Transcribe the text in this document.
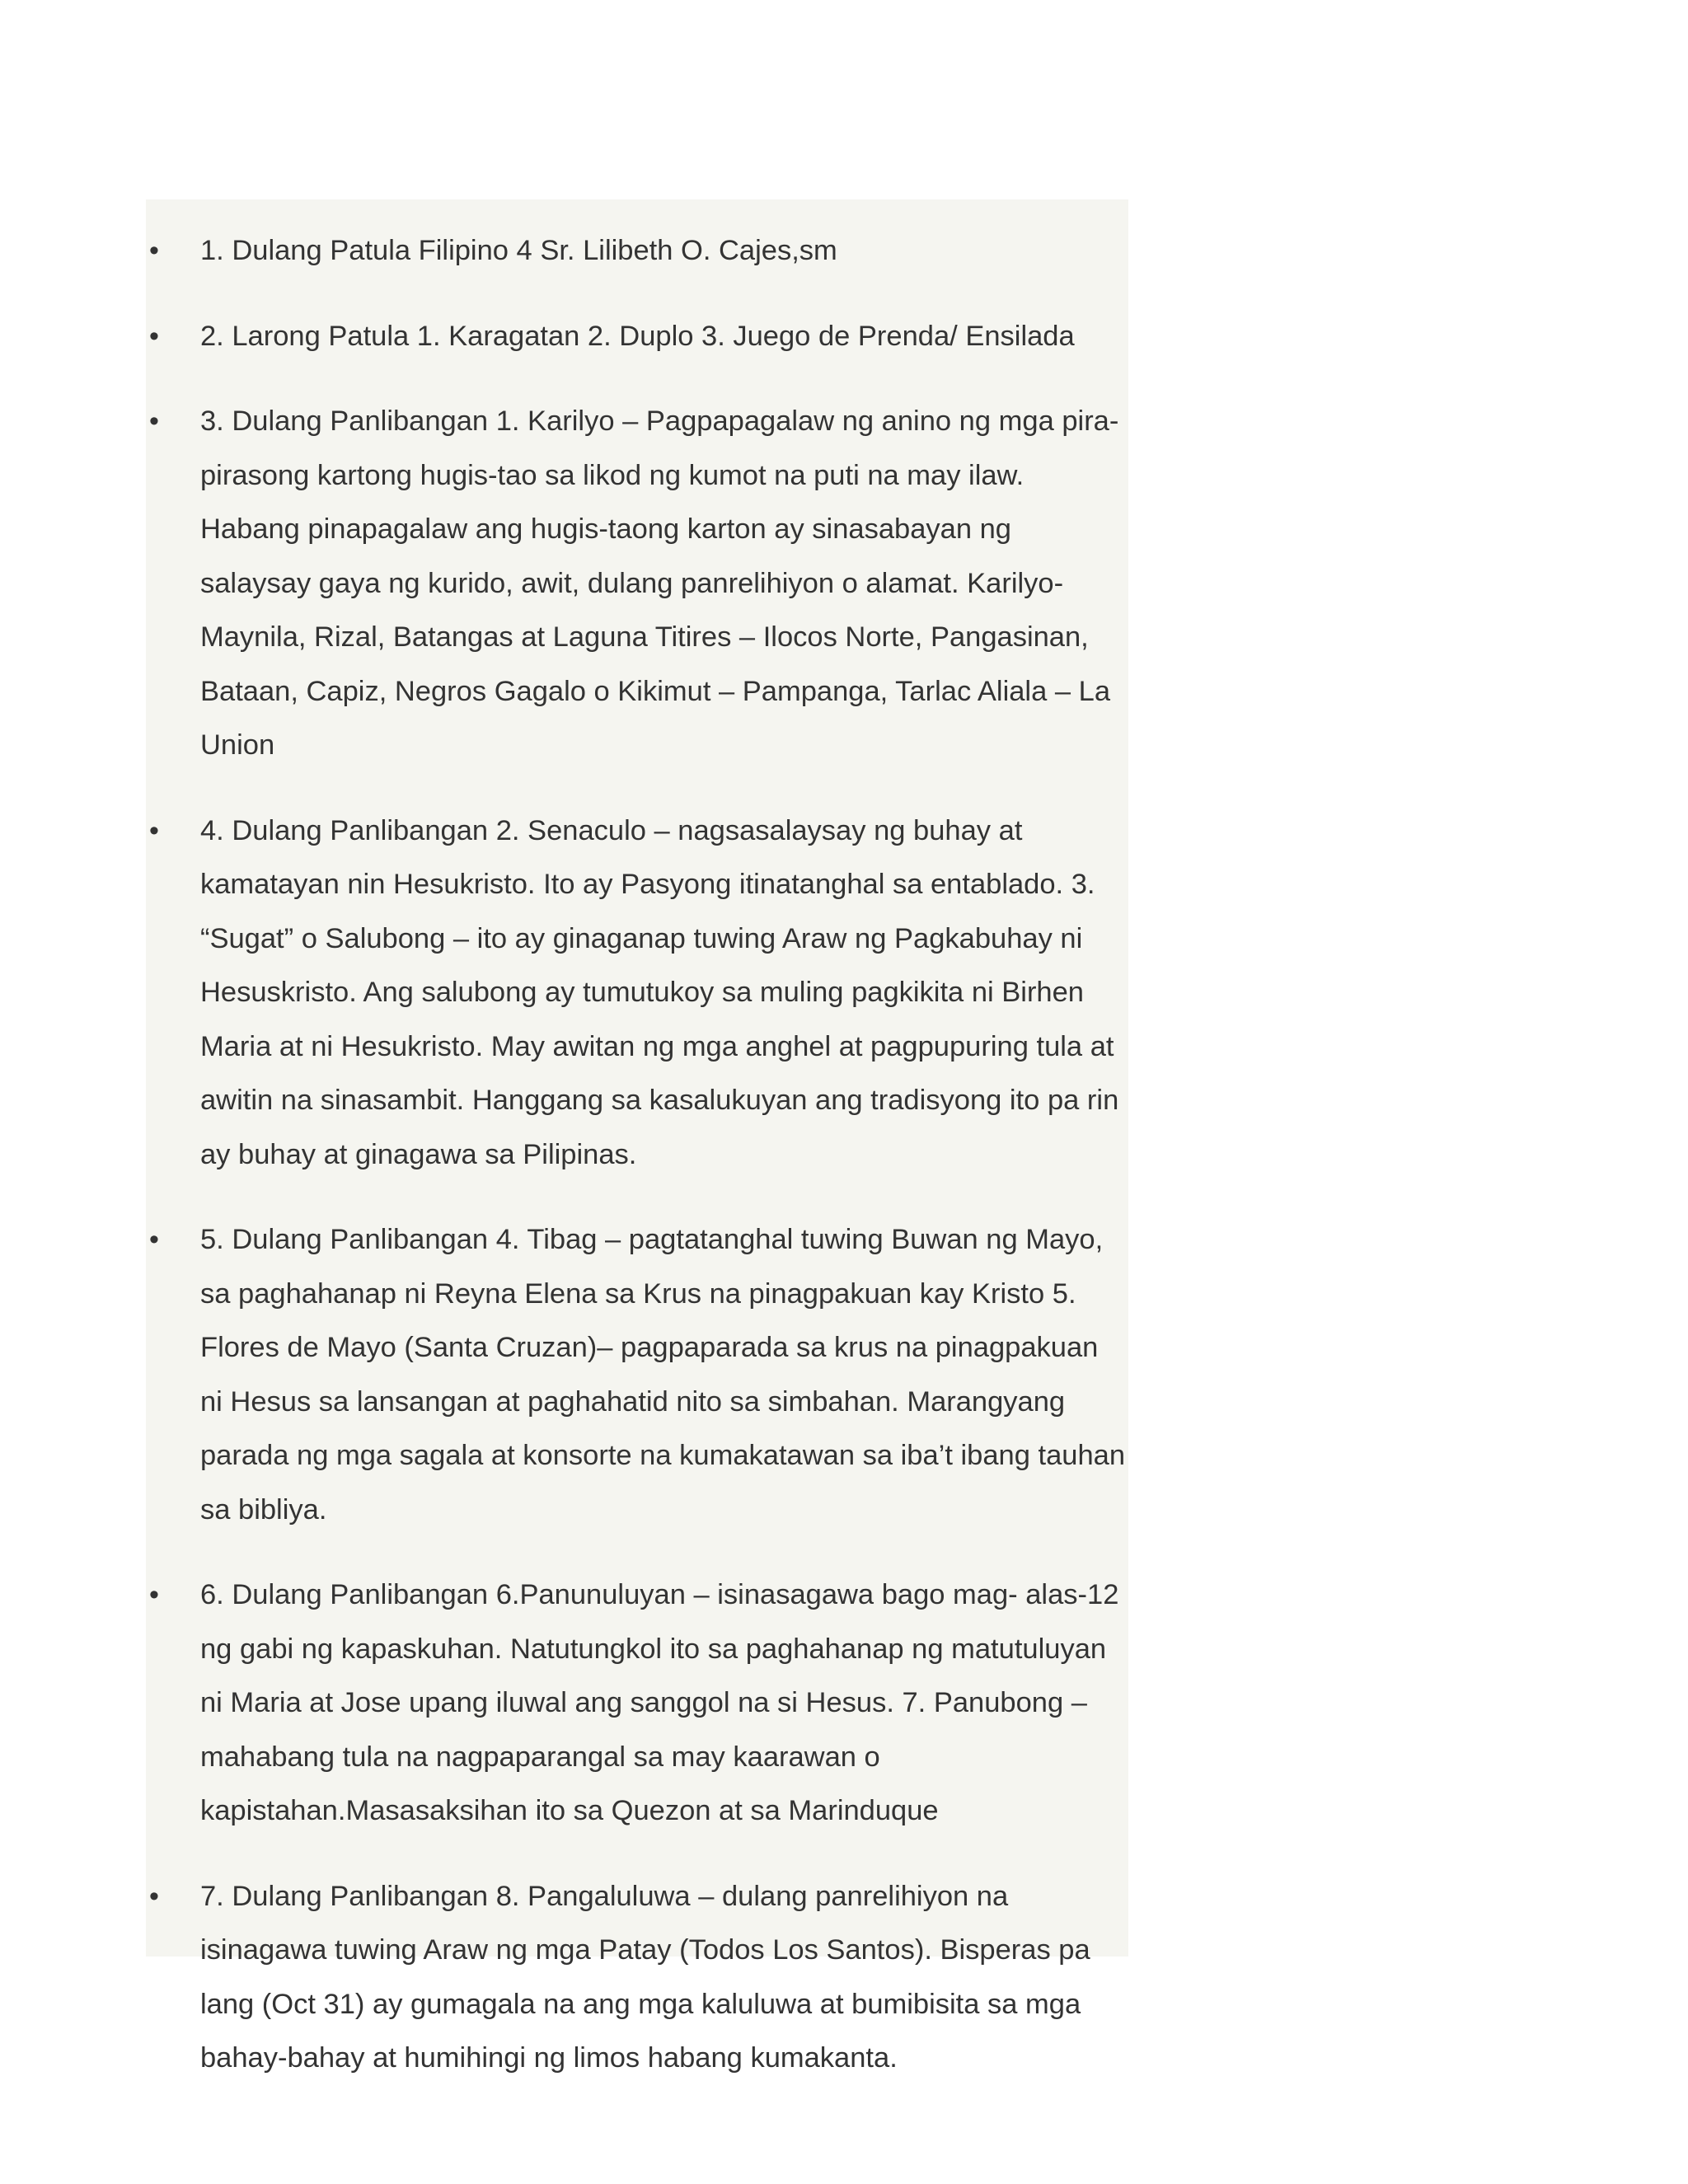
• 1. Dulang Patula Filipino 4 Sr. Lilibeth O. Cajes,sm
• 2. Larong Patula 1. Karagatan 2. Duplo 3. Juego de Prenda/ Ensilada
• 3. Dulang Panlibangan 1. Karilyo – Pagpapagalaw ng anino ng mga pira-pirasong kartong hugis-tao sa likod ng kumot na puti na may ilaw. Habang pinapagalaw ang hugis-taong karton ay sinasabayan ng salaysay gaya ng kurido, awit, dulang panrelihiyon o alamat. Karilyo- Maynila, Rizal, Batangas at Laguna Titires – Ilocos Norte, Pangasinan, Bataan, Capiz, Negros Gagalo o Kikimut – Pampanga, Tarlac Aliala – La Union
• 4. Dulang Panlibangan 2. Senaculo – nagsasalaysay ng buhay at kamatayan nin Hesukristo. Ito ay Pasyong itinatanghal sa entablado. 3. “Sugat” o Salubong – ito ay ginaganap tuwing Araw ng Pagkabuhay ni Hesuskristo. Ang salubong ay tumutukoy sa muling pagkikita ni Birhen Maria at ni Hesukristo. May awitan ng mga anghel at pagpupuring tula at awitin na sinasambit. Hanggang sa kasalukuyan ang tradisyong ito pa rin ay buhay at ginagawa sa Pilipinas.
• 5. Dulang Panlibangan 4. Tibag – pagtatanghal tuwing Buwan ng Mayo, sa paghahanap ni Reyna Elena sa Krus na pinagpakuan kay Kristo 5. Flores de Mayo (Santa Cruzan)– pagpaparada sa krus na pinagpakuan ni Hesus sa lansangan at paghahatid nito sa simbahan. Marangyang parada ng mga sagala at konsorte na kumakatawan sa iba’t ibang tauhan sa bibliya.
• 6. Dulang Panlibangan 6.Panunuluyan – isinasagawa bago mag- alas-12 ng gabi ng kapaskuhan. Natutungkol ito sa paghahanap ng matutuluyan ni Maria at Jose upang iluwal ang sanggol na si Hesus. 7. Panubong – mahabang tula na nagpaparangal sa may kaarawan o kapistahan.Masasaksihan ito sa Quezon at sa Marinduque
• 7. Dulang Panlibangan 8. Pangaluluwa – dulang panrelihiyon na isinagawa tuwing Araw ng mga Patay (Todos Los Santos). Bisperas pa lang (Oct 31) ay gumagala na ang mga kaluluwa at bumibisita sa mga bahay-bahay at humihingi ng limos habang kumakanta.
